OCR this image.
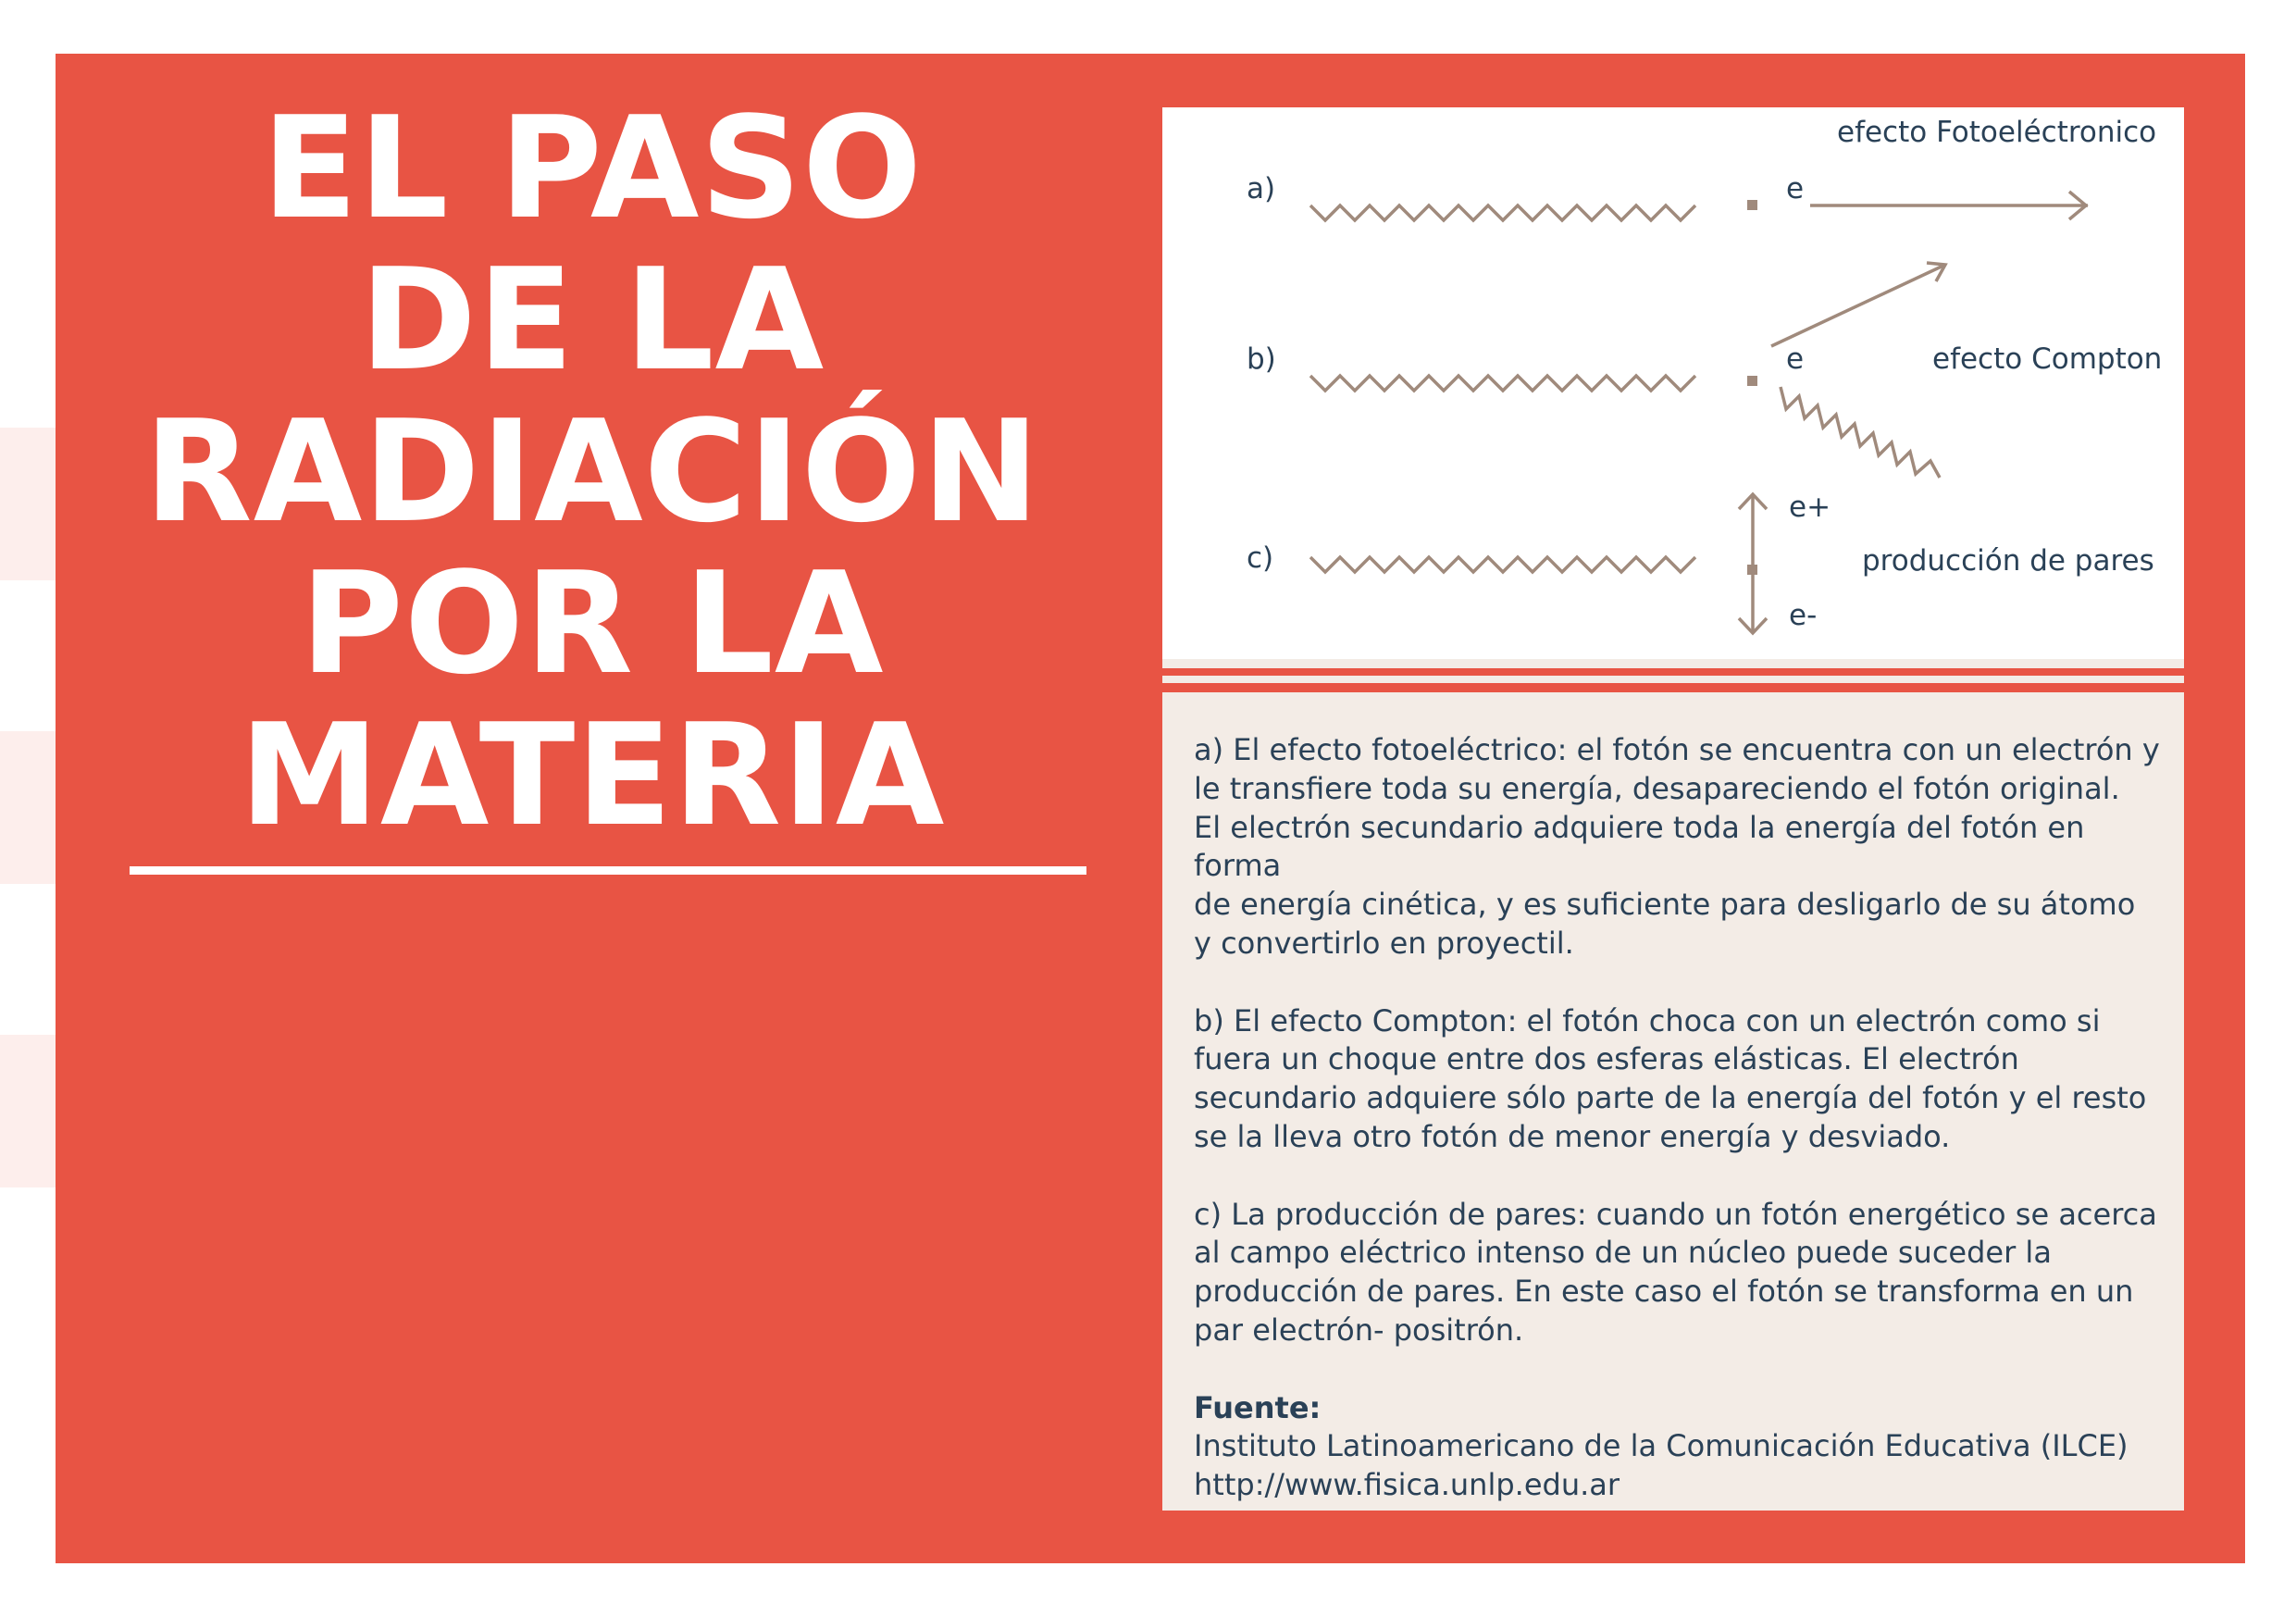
EL PASO
DE LA
RADIACIÓN
POR LA
MATERIA
a)	e
efecto Fotoeléctronico
b)	e	efecto Compton
c)
e+
e-
producción de pares

a) El efecto fotoeléctrico: el fotón se encuentra con un electrón y
le transfiere toda su energía, desapareciendo el fotón original.
El electrón secundario adquiere toda la energía del fotón en forma
de energía cinética, y es suficiente para desligarlo de su átomo
y convertirlo en proyectil.

b) El efecto Compton: el fotón choca con un electrón como si
fuera un choque entre dos esferas elásticas. El electrón
secundario adquiere sólo parte de la energía del fotón y el resto
se la lleva otro fotón de menor energía y desviado.

c) La producción de pares: cuando un fotón energético se acerca
al campo eléctrico intenso de un núcleo puede suceder la
producción de pares. En este caso el fotón se transforma en un
par electrón- positrón.

Fuente:

Instituto Latinoamericano de la Comunicación Educativa (ILCE)
http://www.fisica.unlp.edu.ar
